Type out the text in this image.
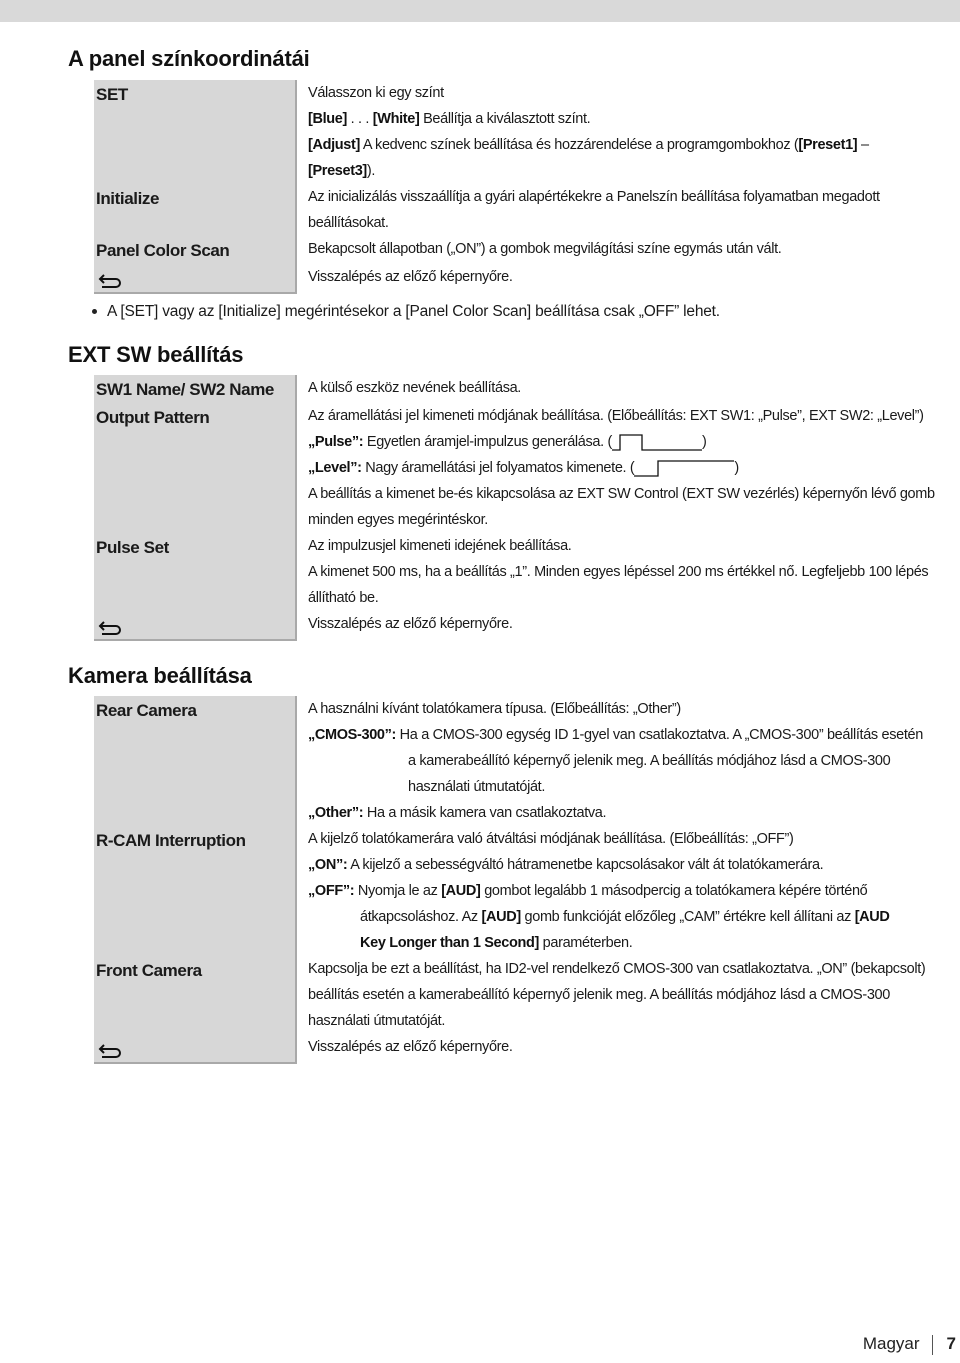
A panel színkoordinátái
SET	Válasszon ki egy színt

[Blue] . . . [White] Beállítja a kiválasztott színt.

[Adjust] A kedvenc színek beállítása és hozzárendelése a programgombokhoz ([Preset1] –

[Preset3]).

Initialize	Az inicializálás visszaállítja a gyári alapértékekre a Panelszín beállítása folyamatban megadott beállításokat.

Panel Color Scan	Bekapcsolt állapotban („ON”) a gombok megvilágítási színe egymás után vált.

Visszalépés az előző képernyőre.

A [SET] vagy az [Initialize] megérintésekor a [Panel Color Scan] beállítása csak „OFF” lehet.
EXT SW beállítás
SW1 Name/ SW2 Name	A külső eszköz nevének beállítása.

Output Pattern	Az áramellátási jel kimeneti módjának beállítása. (Előbeállítás: EXT SW1: „Pulse”, EXT SW2: „Level”)

„Pulse”: Egyetlen áramjel-impulzus generálása. (	)

„Level”: Nagy áramellátási jel folyamatos kimenete. (	)

A beállítás a kimenet be-és kikapcsolása az EXT SW Control (EXT SW vezérlés) képernyőn lévő gomb minden egyes megérintéskor.

Pulse Set	Az impulzusjel kimeneti idejének beállítása.

A kimenet 500 ms, ha a beállítás „1”. Minden egyes lépéssel 200 ms értékkel nő. Legfeljebb 100 lépés állítható be.

Visszalépés az előző képernyőre.

Kamera beállítása
Rear Camera	A használni kívánt tolatókamera típusa. (Előbeállítás: „Other”)

„CMOS-300”: Ha a CMOS-300 egység ID 1-gyel van csatlakoztatva. A „CMOS-300” beállítás esetén

a kamerabeállító képernyő jelenik meg. A beállítás módjához lásd a CMOS-300

használati útmutatóját.

„Other”: Ha a másik kamera van csatlakoztatva.

R-CAM Interruption	A kijelző tolatókamerára való átváltási módjának beállítása. (Előbeállítás: „OFF”)

„ON”: A kijelző a sebességváltó hátramenetbe kapcsolásakor vált át tolatókamerára.

„OFF”: Nyomja le az [AUD] gombot legalább 1 másodpercig a tolatókamera képére történő

átkapcsoláshoz. Az [AUD] gomb funkcióját előzőleg „CAM” értékre kell állítani az [AUD

Key Longer than 1 Second] paraméterben.

Front Camera	Kapcsolja be ezt a beállítást, ha ID2-vel rendelkező CMOS-300 van csatlakoztatva. „ON” (bekapcsolt) beállítás esetén a kamerabeállító képernyő jelenik meg. A beállítás módjához lásd a CMOS-300 használati útmutatóját.

Visszalépés az előző képernyőre.

Magyar 7
